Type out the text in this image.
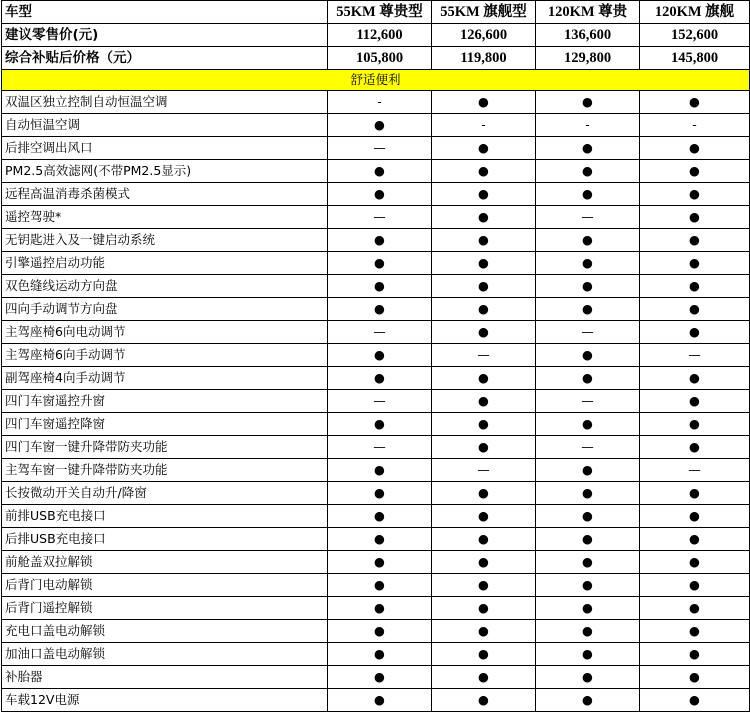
车型	55KM 尊贵型	55KM 旗舰型	120KM 尊贵	120KM 旗舰
建议零售价(元)	112,600	126,600	136,600	152,600
综合补贴后价格（元）	105,800	119,800	129,800	145,800
舒适便利				
双温区独立控制自动恒温空调	-	●	●	●
自动恒温空调	●	-	-	-
后排空调出风口	—	●	●	●
PM2.5高效滤网(不带PM2.5显示)	●	●	●	●
远程高温消毒杀菌模式	●	●	●	●
遥控驾驶*	—	●	—	●
无钥匙进入及一键启动系统	●	●	●	●
引擎遥控启动功能	●	●	●	●
双色缝线运动方向盘	●	●	●	●
四向手动调节方向盘	●	●	●	●
主驾座椅6向电动调节	—	●	—	●
主驾座椅6向手动调节	●	—	●	—
副驾座椅4向手动调节	●	●	●	●
四门车窗遥控升窗	—	●	—	●
四门车窗遥控降窗	●	●	●	●
四门车窗一键升降带防夹功能	—	●	—	●
主驾车窗一键升降带防夹功能	●	—	●	—
长按微动开关自动升/降窗	●	●	●	●
前排USB充电接口	●	●	●	●
后排USB充电接口	●	●	●	●
前舱盖双拉解锁	●	●	●	●
后背门电动解锁	●	●	●	●
后背门遥控解锁	●	●	●	●
充电口盖电动解锁	●	●	●	●
加油口盖电动解锁	●	●	●	●
补胎器	●	●	●	●
车载12V电源	●	●	●	●
